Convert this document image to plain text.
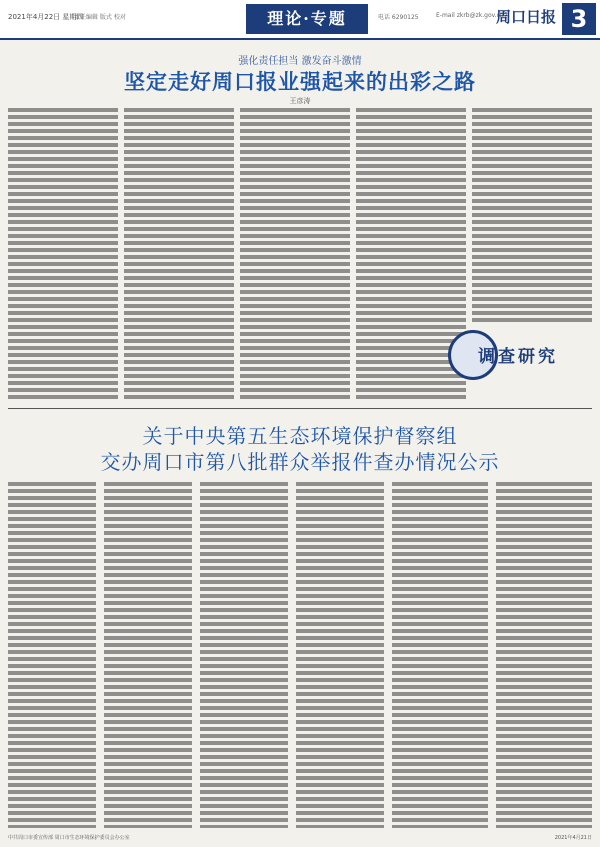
2021年4月22日 星期四
责任编辑 版式 校对	理论·专题	电话 6290125	E-mail zkrb@zk.gov.cn
周口日报 3
强化责任担当 激发奋斗激情
坚定走好周口报业强起来的出彩之路
王彦涛
调查研究
关于中央第五生态环境保护督察组
交办周口市第八批群众举报件查办情况公示
中共周口市委宣传部 周口市生态环境保护委员会办公室	2021年4月21日
